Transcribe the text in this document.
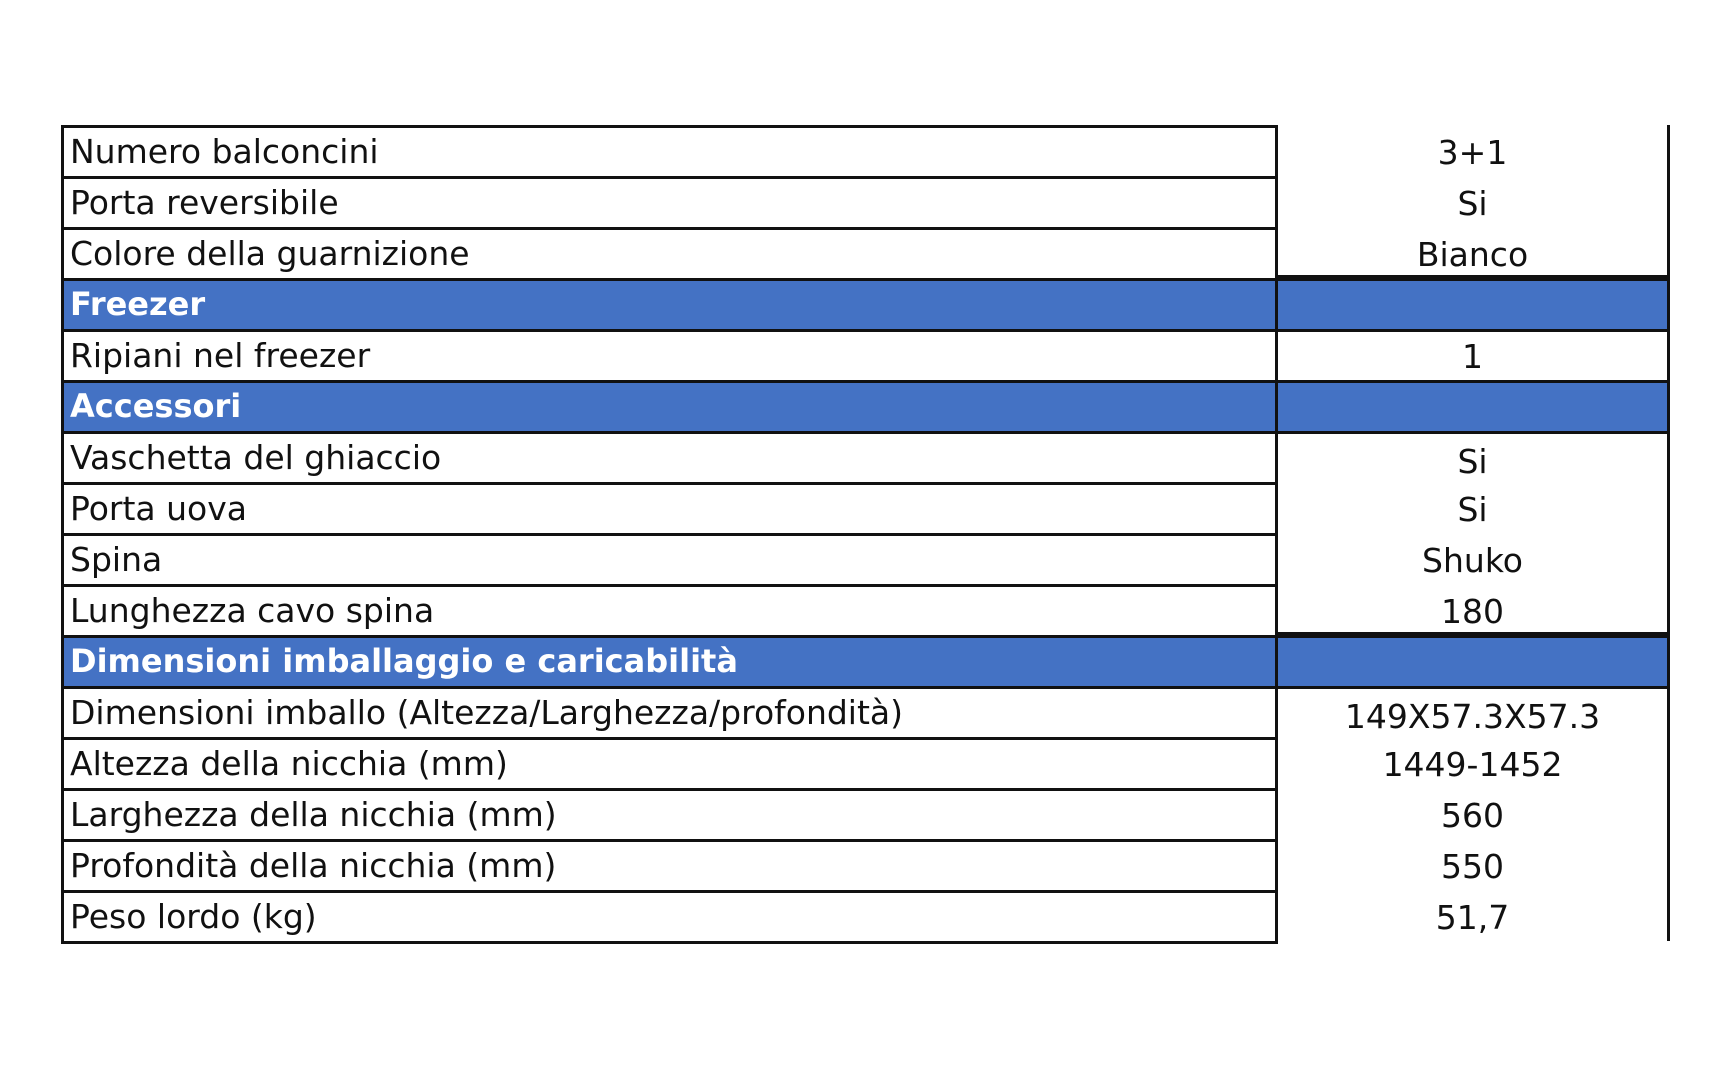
Numero balconcini	3+1
Porta reversibile	Si
Colore della guarnizione	Bianco
Freezer
Ripiani nel freezer	1
Accessori
Vaschetta del ghiaccio	Si
Porta uova	Si
Spina	Shuko
Lunghezza cavo spina	180
Dimensioni imballaggio e caricabilità
Dimensioni imballo (Altezza/Larghezza/profondità)	149X57.3X57.3
Altezza della nicchia (mm)	1449-1452
Larghezza della nicchia (mm)	560
Profondità della nicchia (mm)	550
Peso lordo (kg)	51,7
